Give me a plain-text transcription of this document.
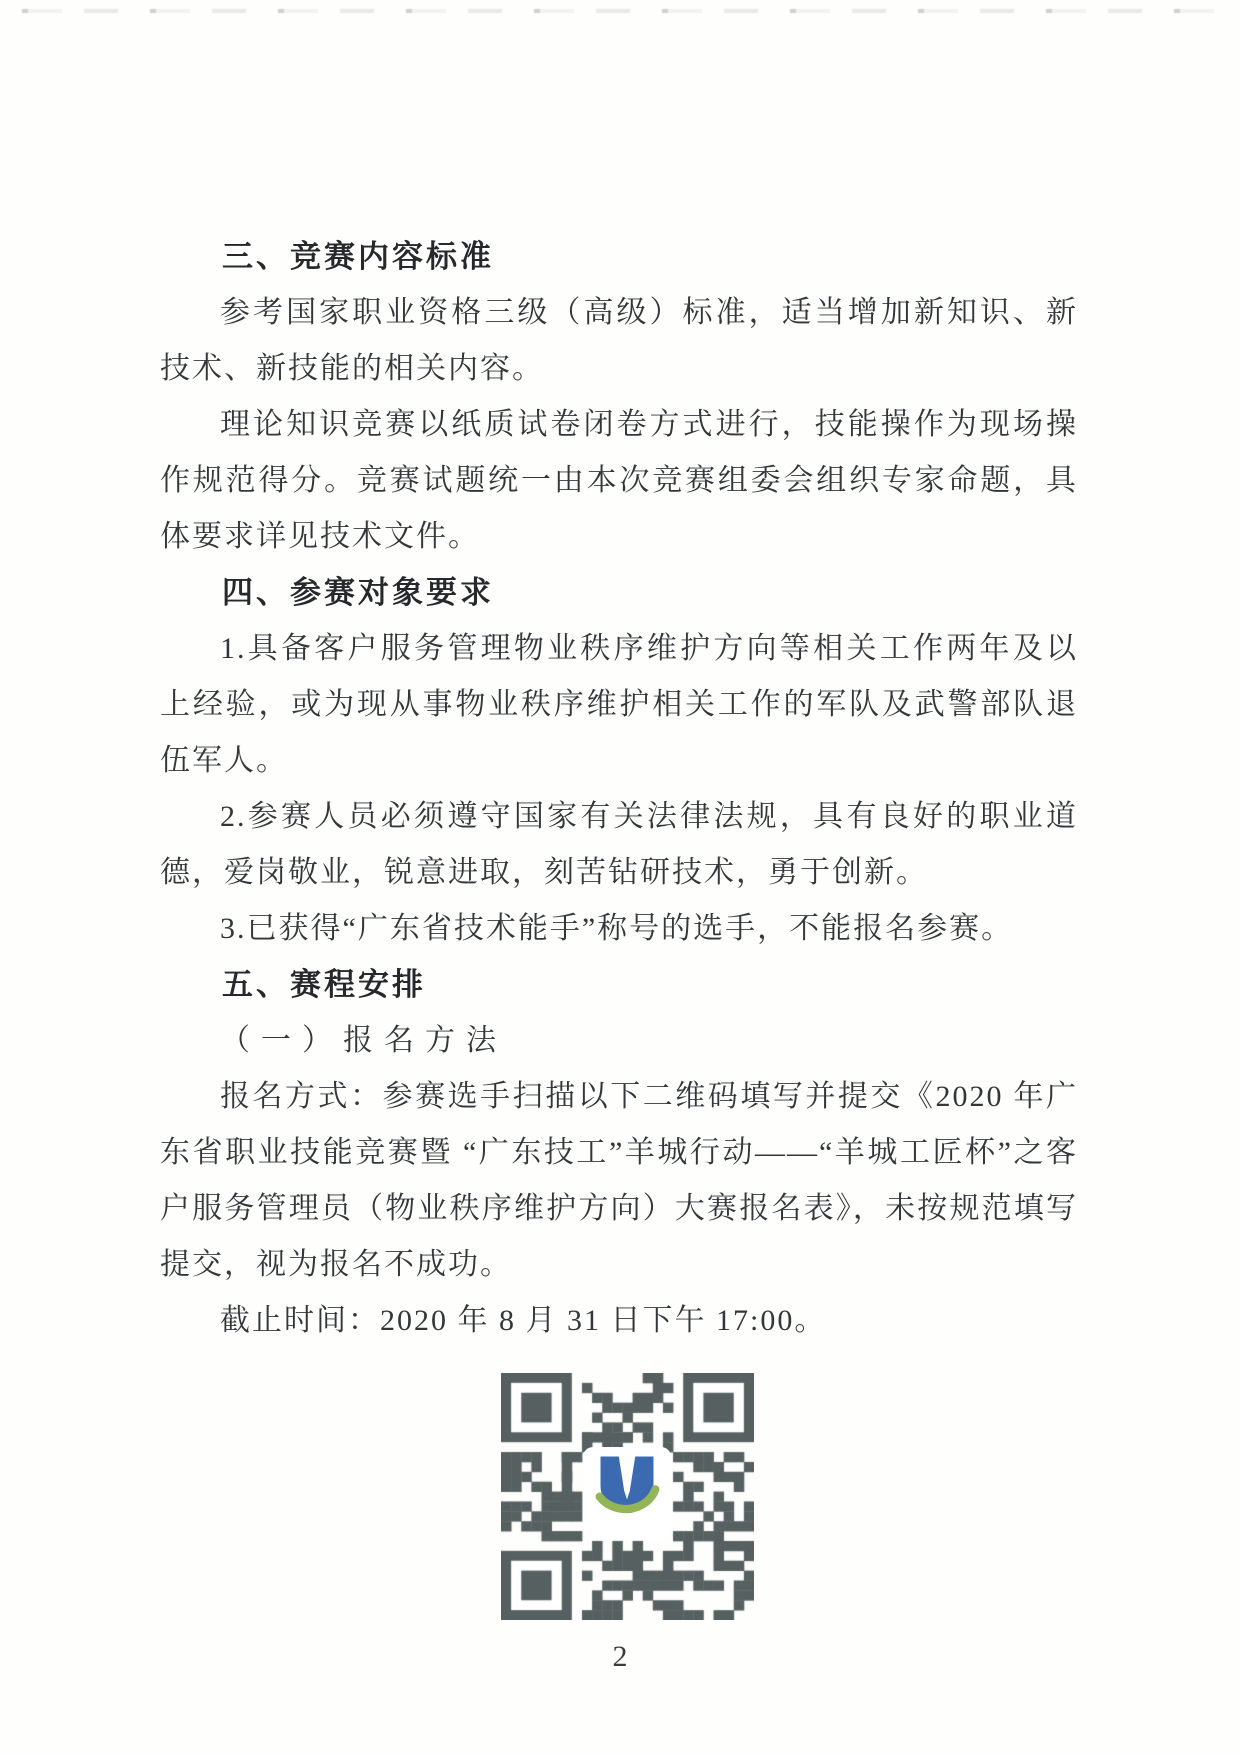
三、竞赛内容标准

参考国家职业资格三级（高级）标准，适当增加新知识、新技术、新技能的相关内容。

理论知识竞赛以纸质试卷闭卷方式进行，技能操作为现场操作规范得分。竞赛试题统一由本次竞赛组委会组织专家命题，具体要求详见技术文件。

四、参赛对象要求

1.具备客户服务管理物业秩序维护方向等相关工作两年及以上经验，或为现从事物业秩序维护相关工作的军队及武警部队退伍军人。

2.参赛人员必须遵守国家有关法律法规，具有良好的职业道德，爱岗敬业，锐意进取，刻苦钻研技术，勇于创新。

3.已获得“广东省技术能手”称号的选手，不能报名参赛。

五、赛程安排

（一）报名方法

报名方式：参赛选手扫描以下二维码填写并提交《2020 年广东省职业技能竞赛暨 “广东技工”羊城行动——“羊城工匠杯”之客户服务管理员（物业秩序维护方向）大赛报名表》，未按规范填写提交，视为报名不成功。

截止时间：2020 年 8 月 31 日下午 17:00。

2
